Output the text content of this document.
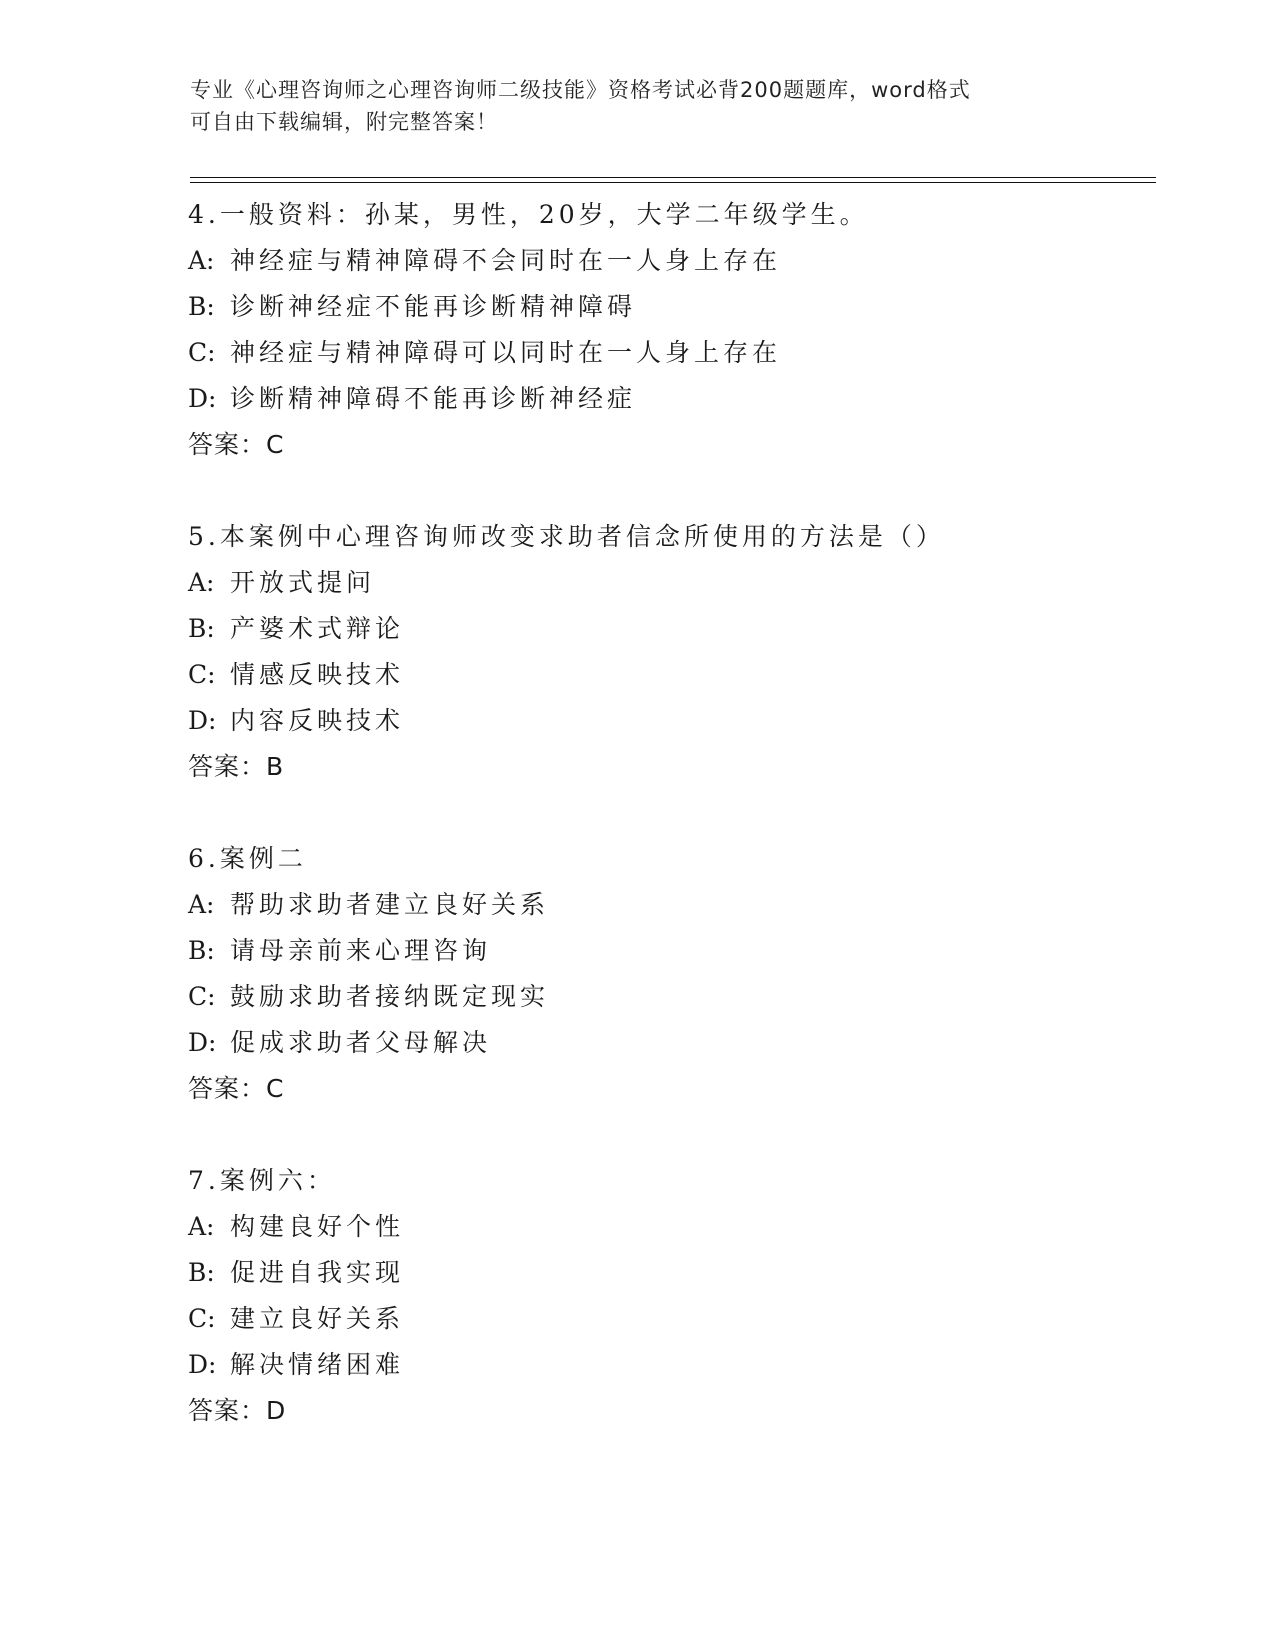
专业《心理咨询师之心理咨询师二级技能》资格考试必背200题题库，word格式
可自由下载编辑，附完整答案！
4.一般资料：孙某，男性，20岁，大学二年级学生。
A: 神经症与精神障碍不会同时在一人身上存在
B: 诊断神经症不能再诊断精神障碍
C: 神经症与精神障碍可以同时在一人身上存在
D: 诊断精神障碍不能再诊断神经症
答案：C
5.本案例中心理咨询师改变求助者信念所使用的方法是（）
A: 开放式提问
B: 产婆术式辩论
C: 情感反映技术
D: 内容反映技术
答案：B
6.案例二
A: 帮助求助者建立良好关系
B: 请母亲前来心理咨询
C: 鼓励求助者接纳既定现实
D: 促成求助者父母解决
答案：C
7.案例六：
A: 构建良好个性
B: 促进自我实现
C: 建立良好关系
D: 解决情绪困难
答案：D
